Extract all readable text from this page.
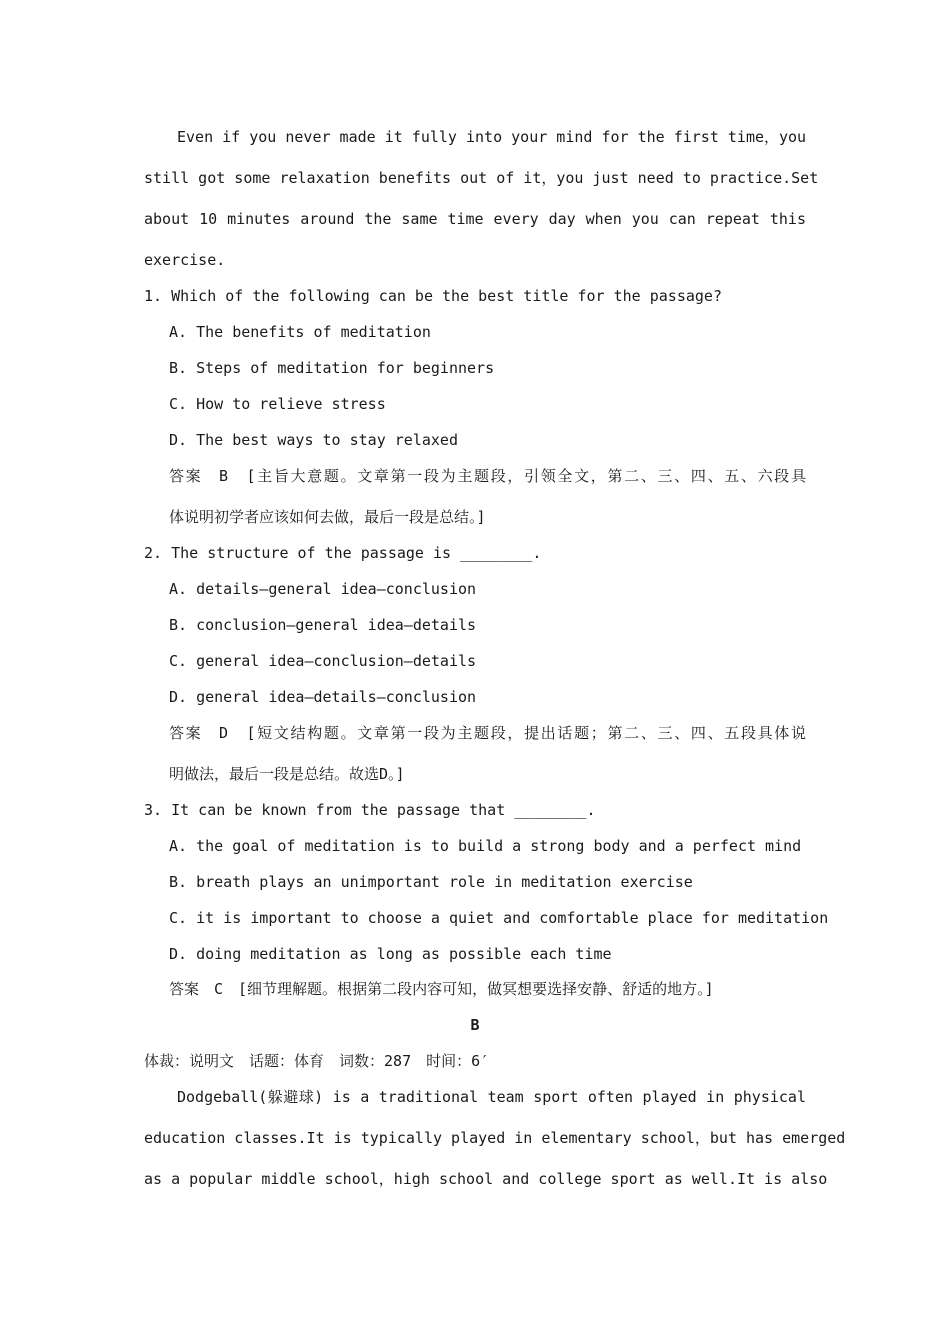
Even if you never made it fully into your mind for the first time，you
still got some relaxation benefits out of it，you just need to practice.Set
about 10 minutes around the same time every day when you can repeat this
exercise.
1. Which of the following can be the best title for the passage?
A. The benefits of meditation
B. Steps of meditation for beginners
C. How to relieve stress
D. The best ways to stay relaxed
答案　B　[主旨大意题。文章第一段为主题段，引领全文，第二、三、四、五、六段具
体说明初学者应该如何去做，最后一段是总结。]
2. The structure of the passage is ________.
A. details—general idea—conclusion
B. conclusion—general idea—details
C. general idea—conclusion—details
D. general idea—details—conclusion
答案　D　[短文结构题。文章第一段为主题段，提出话题；第二、三、四、五段具体说
明做法，最后一段是总结。故选D。]
3. It can be known from the passage that ________.
A. the goal of meditation is to build a strong body and a perfect mind
B. breath plays an unimportant role in meditation exercise
C. it is important to choose a quiet and comfortable place for meditation
D. doing meditation as long as possible each time
答案　C　[细节理解题。根据第二段内容可知，做冥想要选择安静、舒适的地方。]
B
体裁：说明文　话题：体育　词数：287　时间：6′
Dodgeball(躲避球) is a traditional team sport often played in physical
education classes.It is typically played in elementary school，but has emerged
as a popular middle school，high school and college sport as well.It is also
